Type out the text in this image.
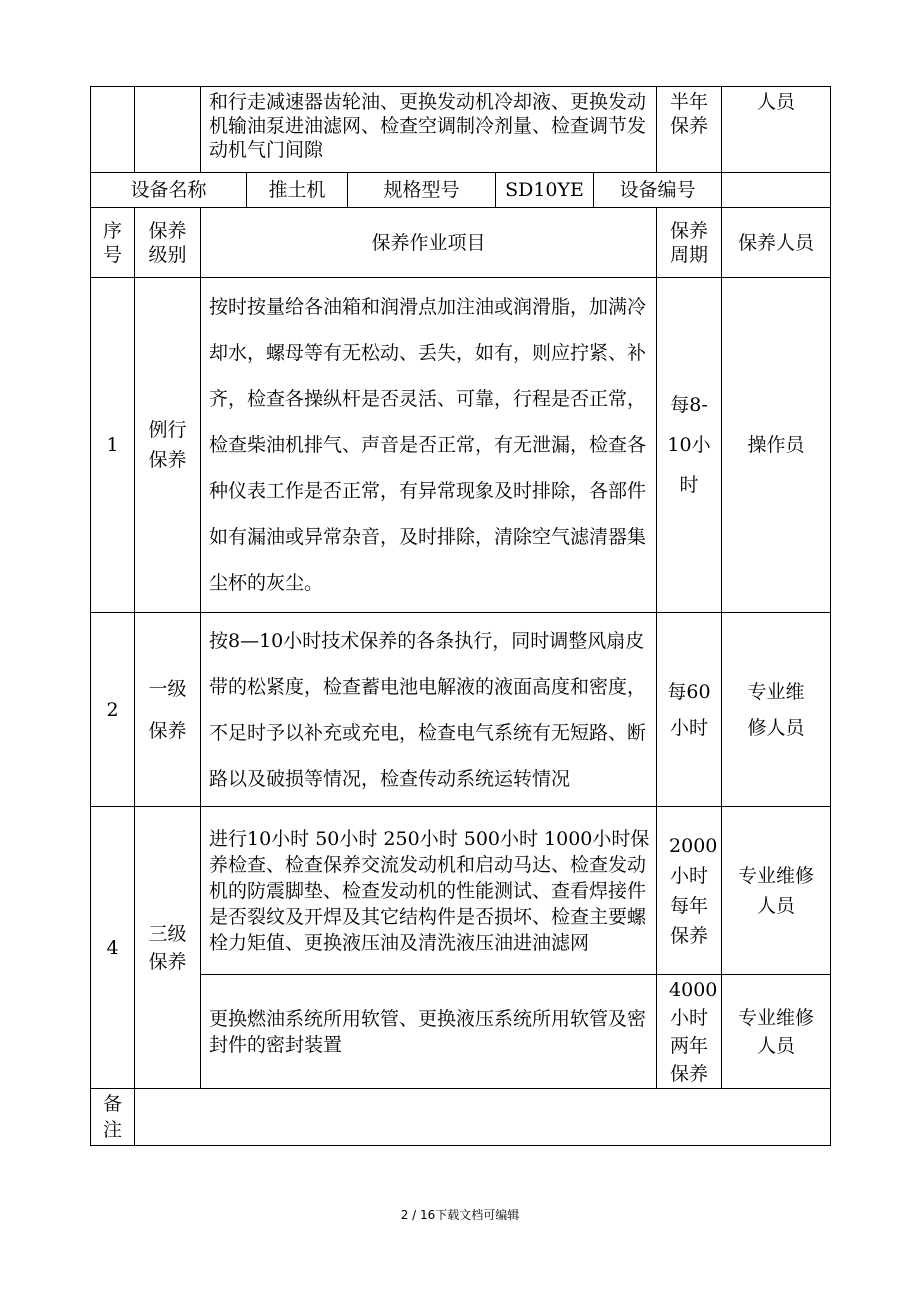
		和行走减速器齿轮油、更换发动机冷却液、更换发动机输油泵进油滤网、检查空调制冷剂量、检查调节发动机气门间隙					半年保养	人员
设备名称			推土机	规格型号	SD10YE	设备编号		
序号	保养级别	保养作业项目					保养周期	保养人员
1	例行保养	按时按量给各油箱和润滑点加注油或润滑脂，加满冷却水，螺母等有无松动、丢失，如有，则应拧紧、补齐，检查各操纵杆是否灵活、可靠，行程是否正常，检查柴油机排气、声音是否正常，有无泄漏，检查各种仪表工作是否正常，有异常现象及时排除，各部件如有漏油或异常杂音，及时排除，清除空气滤清器集尘杯的灰尘。					每8-10小时	操作员
2	一级保养	按8—10小时技术保养的各条执行，同时调整风扇皮带的松紧度，检查蓄电池电解液的液面高度和密度，不足时予以补充或充电，检查电气系统有无短路、断路以及破损等情况，检查传动系统运转情况					每60小时	专业维修人员
4	三级保养	进行10小时 50小时 250小时 500小时 1000小时保养检查、检查保养交流发动机和启动马达、检查发动机的防震脚垫、检查发动机的性能测试、查看焊接件是否裂纹及开焊及其它结构件是否损坏、检查主要螺栓力矩值、更换液压油及清洗液压油进油滤网					2000小时每年保养	专业维修人员
		更换燃油系统所用软管、更换液压系统所用软管及密封件的密封装置					4000小时两年保养	专业维修人员
备注								
2 / 16下载文档可编辑
